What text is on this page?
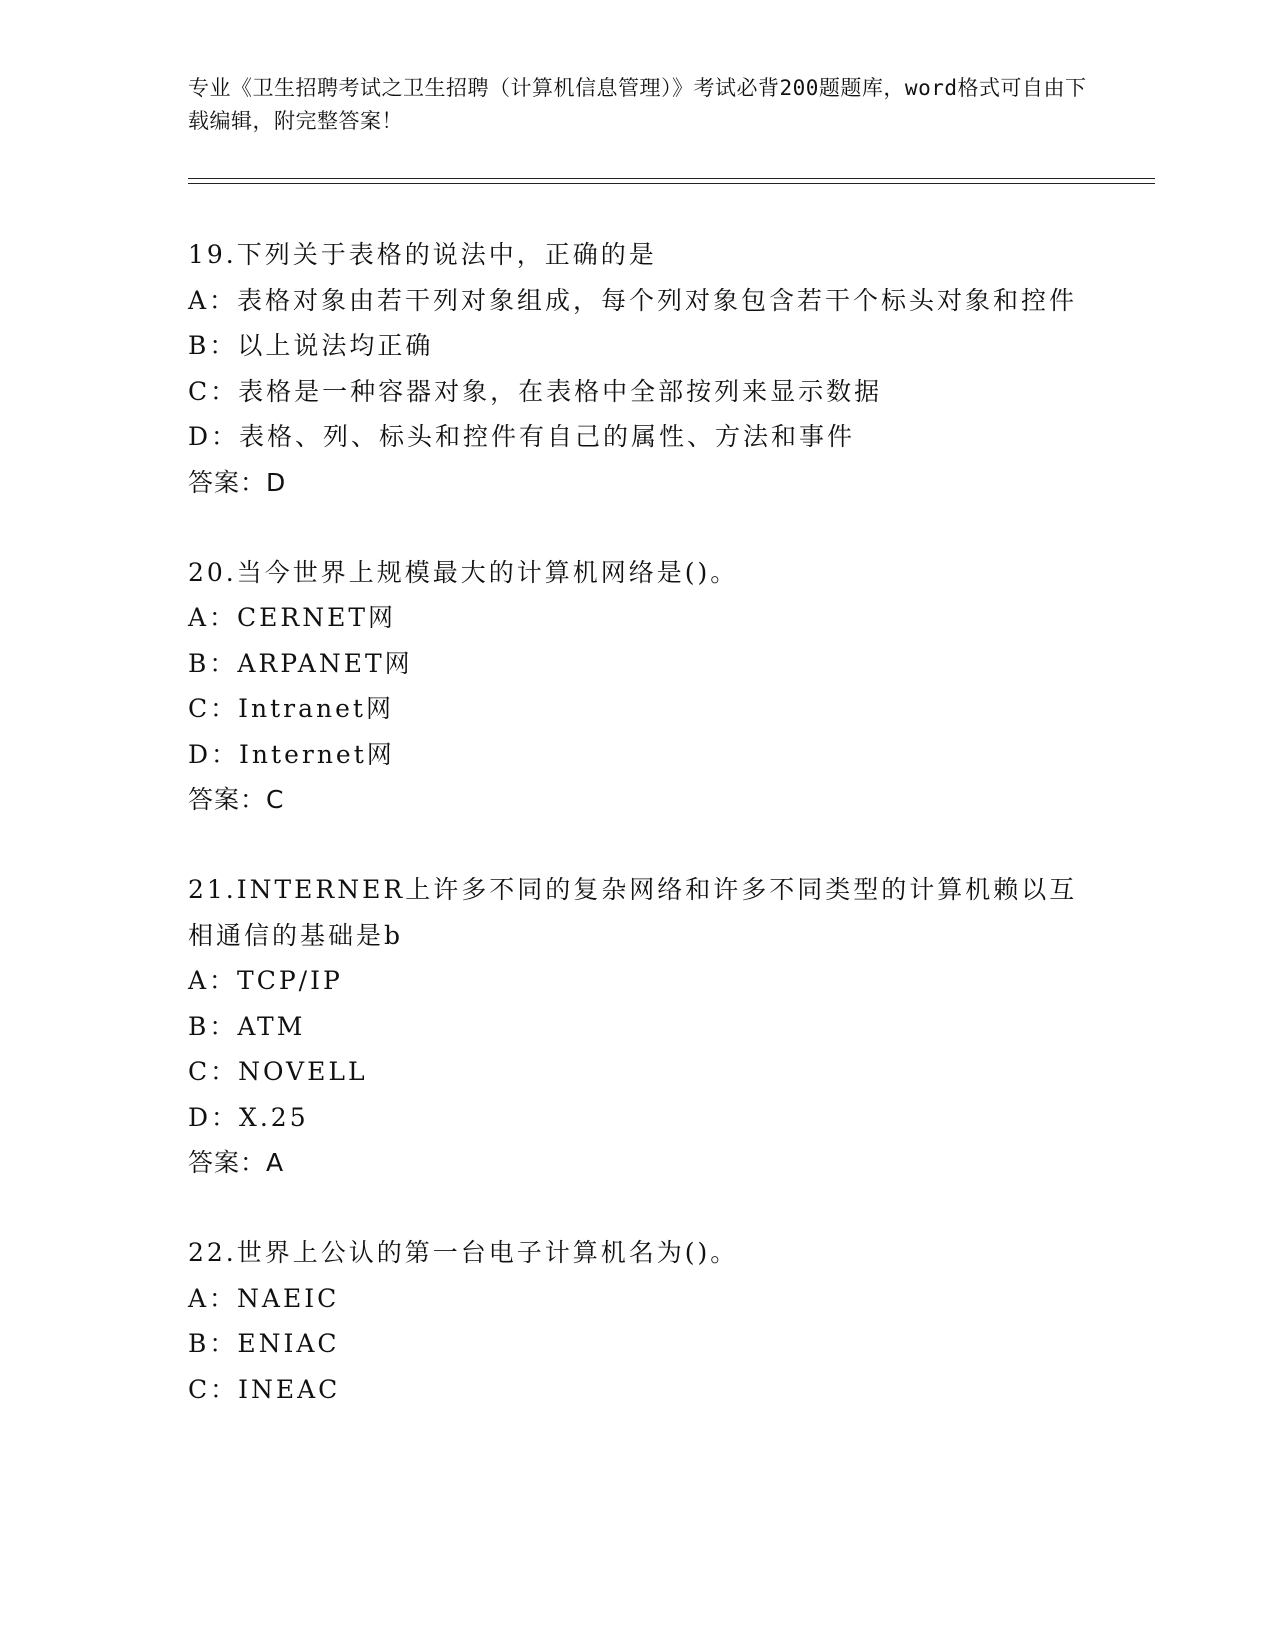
专业《卫生招聘考试之卫生招聘（计算机信息管理）》考试必背200题题库，word格式可自由下载编辑，附完整答案！
19.下列关于表格的说法中，正确的是
A：表格对象由若干列对象组成，每个列对象包含若干个标头对象和控件
B：以上说法均正确
C：表格是一种容器对象，在表格中全部按列来显示数据
D：表格、列、标头和控件有自己的属性、方法和事件
答案：D
20.当今世界上规模最大的计算机网络是()。
A：CERNET网
B：ARPANET网
C：Intranet网
D：Internet网
答案：C
21.INTERNER上许多不同的复杂网络和许多不同类型的计算机赖以互相通信的基础是b
A：TCP/IP
B：ATM
C：NOVELL
D：X.25
答案：A
22.世界上公认的第一台电子计算机名为()。
A：NAEIC
B：ENIAC
C：INEAC
